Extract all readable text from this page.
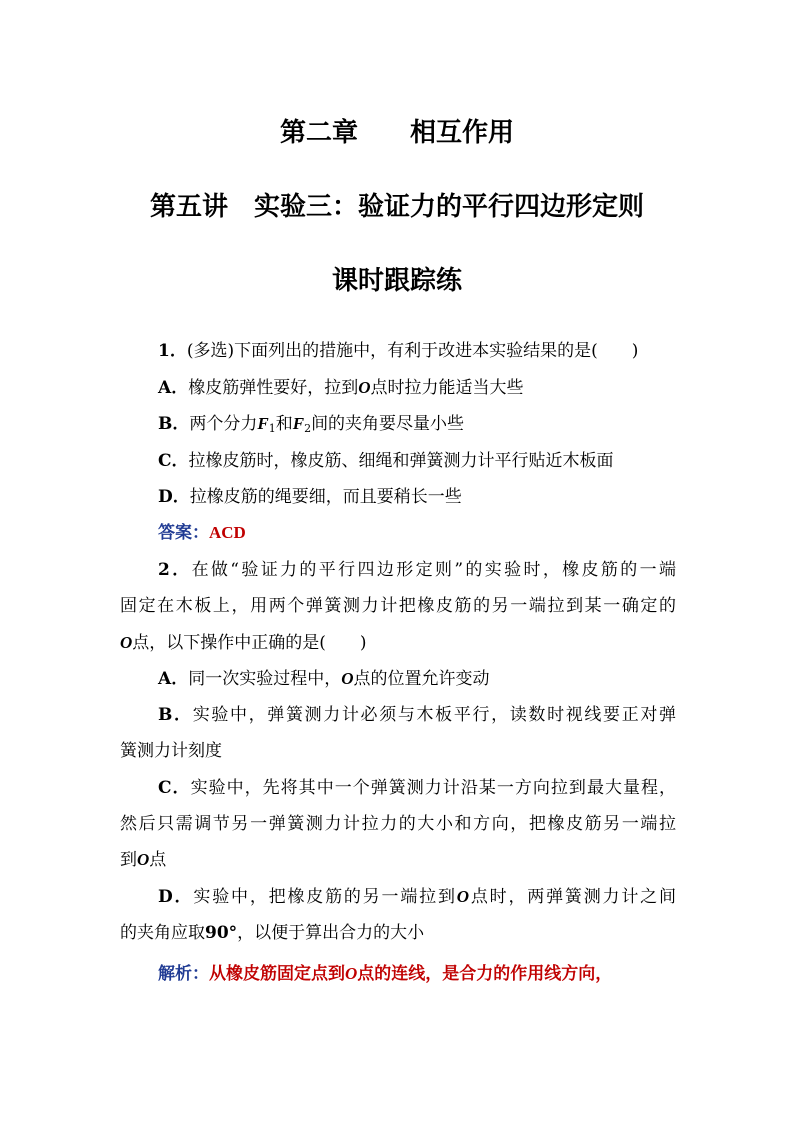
第二章　　相互作用
第五讲　实验三：验证力的平行四边形定则
课时跟踪练
1．(多选)下面列出的措施中，有利于改进本实验结果的是(　　)
A．橡皮筋弹性要好，拉到O点时拉力能适当大些
B．两个分力$F_1$和$F_2$间的夹角要尽量小些
C．拉橡皮筋时，橡皮筋、细绳和弹簧测力计平行贴近木板面
D．拉橡皮筋的绳要细，而且要稍长一些
答案：ACD
2．在做“验证力的平行四边形定则”的实验时，橡皮筋的一端
固定在木板上，用两个弹簧测力计把橡皮筋的另一端拉到某一确定的
O点，以下操作中正确的是(　　)
A．同一次实验过程中，O点的位置允许变动
B．实验中，弹簧测力计必须与木板平行，读数时视线要正对弹
簧测力计刻度
C．实验中，先将其中一个弹簧测力计沿某一方向拉到最大量程，
然后只需调节另一弹簧测力计拉力的大小和方向，把橡皮筋另一端拉
到O点
D．实验中，把橡皮筋的另一端拉到O点时，两弹簧测力计之间
的夹角应取90°，以便于算出合力的大小
解析：从橡皮筋固定点到O点的连线，是合力的作用线方向，
